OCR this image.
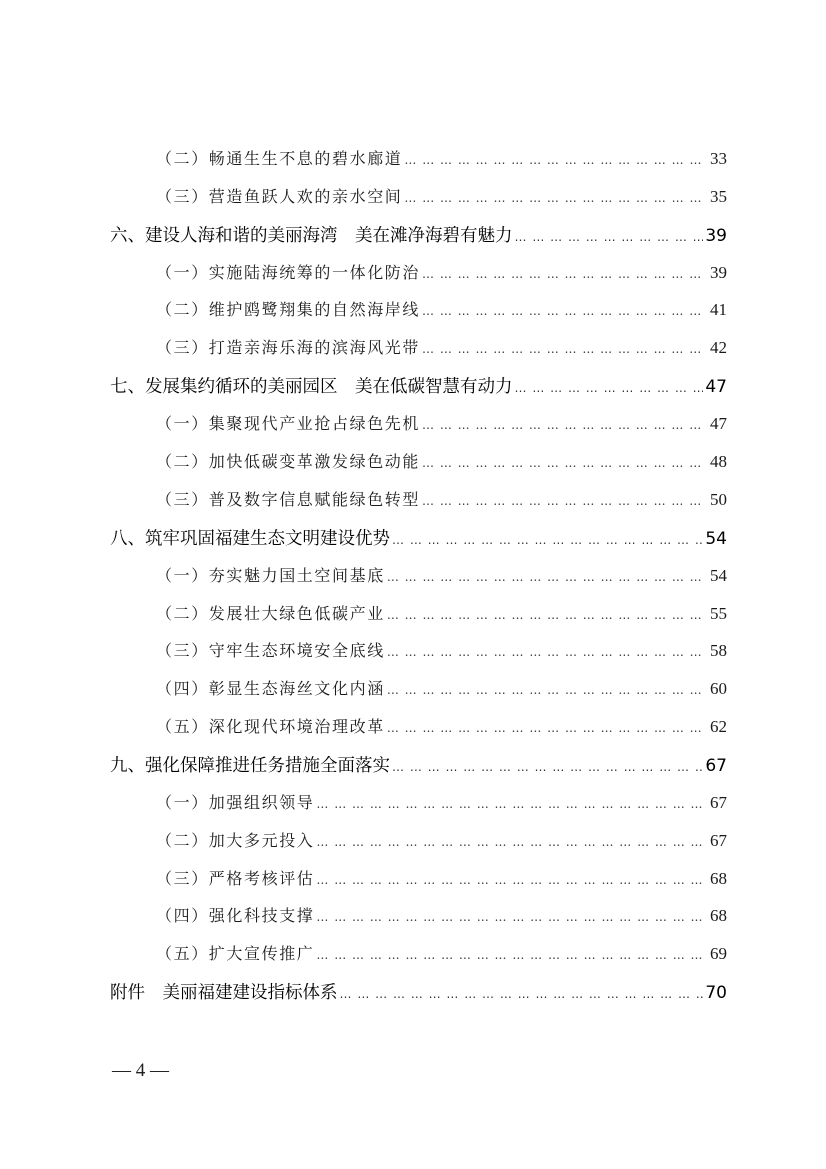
（二）畅通生生不息的碧水廊道 … … … … … … … … … … … … … … … … … … … … … … … … … … … … … … … … … … … … … … … …	33
（三）营造鱼跃人欢的亲水空间 … … … … … … … … … … … … … … … … … … … … … … … … … … … … … … … … … … … … … … … …	35
六、建设人海和谐的美丽海湾　美在滩净海碧有魅力 … … … … … … … … … … … … … … … … … … … … … … … … … … … … … … … … … … … … … … … …	39
（一）实施陆海统筹的一体化防治 … … … … … … … … … … … … … … … … … … … … … … … … … … … … … … … … … … … … … … … …	39
（二）维护鸥鹭翔集的自然海岸线 … … … … … … … … … … … … … … … … … … … … … … … … … … … … … … … … … … … … … … … …	41
（三）打造亲海乐海的滨海风光带 … … … … … … … … … … … … … … … … … … … … … … … … … … … … … … … … … … … … … … … …	42
七、发展集约循环的美丽园区　美在低碳智慧有动力 … … … … … … … … … … … … … … … … … … … … … … … … … … … … … … … … … … … … … … … …	47
（一）集聚现代产业抢占绿色先机 … … … … … … … … … … … … … … … … … … … … … … … … … … … … … … … … … … … … … … … …	47
（二）加快低碳变革激发绿色动能 … … … … … … … … … … … … … … … … … … … … … … … … … … … … … … … … … … … … … … … …	48
（三）普及数字信息赋能绿色转型 … … … … … … … … … … … … … … … … … … … … … … … … … … … … … … … … … … … … … … … …	50
八、筑牢巩固福建生态文明建设优势 … … … … … … … … … … … … … … … … … … … … … … … … … … … … … … … … … … … … … … … …	54
（一）夯实魅力国土空间基底 … … … … … … … … … … … … … … … … … … … … … … … … … … … … … … … … … … … … … … … …	54
（二）发展壮大绿色低碳产业 … … … … … … … … … … … … … … … … … … … … … … … … … … … … … … … … … … … … … … … …	55
（三）守牢生态环境安全底线 … … … … … … … … … … … … … … … … … … … … … … … … … … … … … … … … … … … … … … … …	58
（四）彰显生态海丝文化内涵 … … … … … … … … … … … … … … … … … … … … … … … … … … … … … … … … … … … … … … … …	60
（五）深化现代环境治理改革 … … … … … … … … … … … … … … … … … … … … … … … … … … … … … … … … … … … … … … … …	62
九、强化保障推进任务措施全面落实 … … … … … … … … … … … … … … … … … … … … … … … … … … … … … … … … … … … … … … … …	67
（一）加强组织领导 … … … … … … … … … … … … … … … … … … … … … … … … … … … … … … … … … … … … … … … …	67
（二）加大多元投入 … … … … … … … … … … … … … … … … … … … … … … … … … … … … … … … … … … … … … … … …	67
（三）严格考核评估 … … … … … … … … … … … … … … … … … … … … … … … … … … … … … … … … … … … … … … … …	68
（四）强化科技支撑 … … … … … … … … … … … … … … … … … … … … … … … … … … … … … … … … … … … … … … … …	68
（五）扩大宣传推广 … … … … … … … … … … … … … … … … … … … … … … … … … … … … … … … … … … … … … … … …	69
附件　美丽福建建设指标体系 … … … … … … … … … … … … … … … … … … … … … … … … … … … … … … … … … … … … … … … …	70
— 4 —
